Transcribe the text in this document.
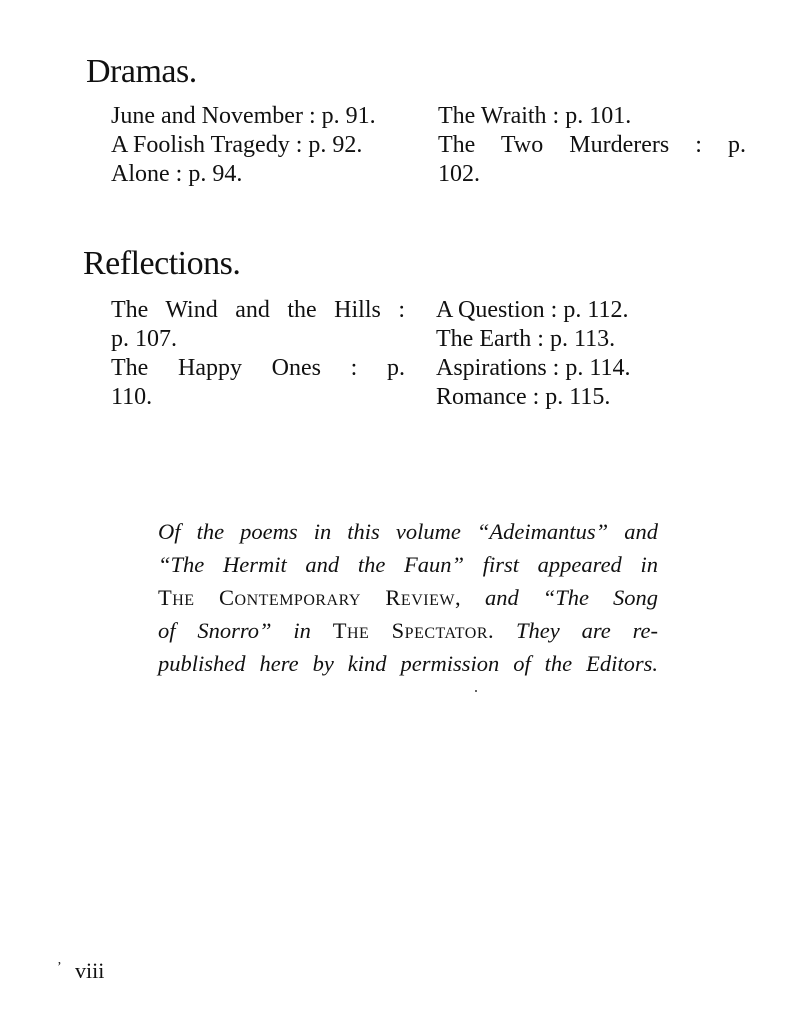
Dramas.
June and November : p. 91.
A Foolish Tragedy : p. 92.
Alone : p. 94.
The Wraith : p. 101.
The Two Murderers : p.
102.
Reflections.
The Wind and the Hills :
p. 107.
The Happy Ones : p.
110.
A Question : p. 112.
The Earth : p. 113.
Aspirations : p. 114.
Romance : p. 115.
Of the poems in this volume “Adeimantus” and
“The Hermit and the Faun” first appeared in
The Contemporary Review, and “The Song
of Snorro” in The Spectator. They are re-
published here by kind permission of the Editors.
ʼ viii
